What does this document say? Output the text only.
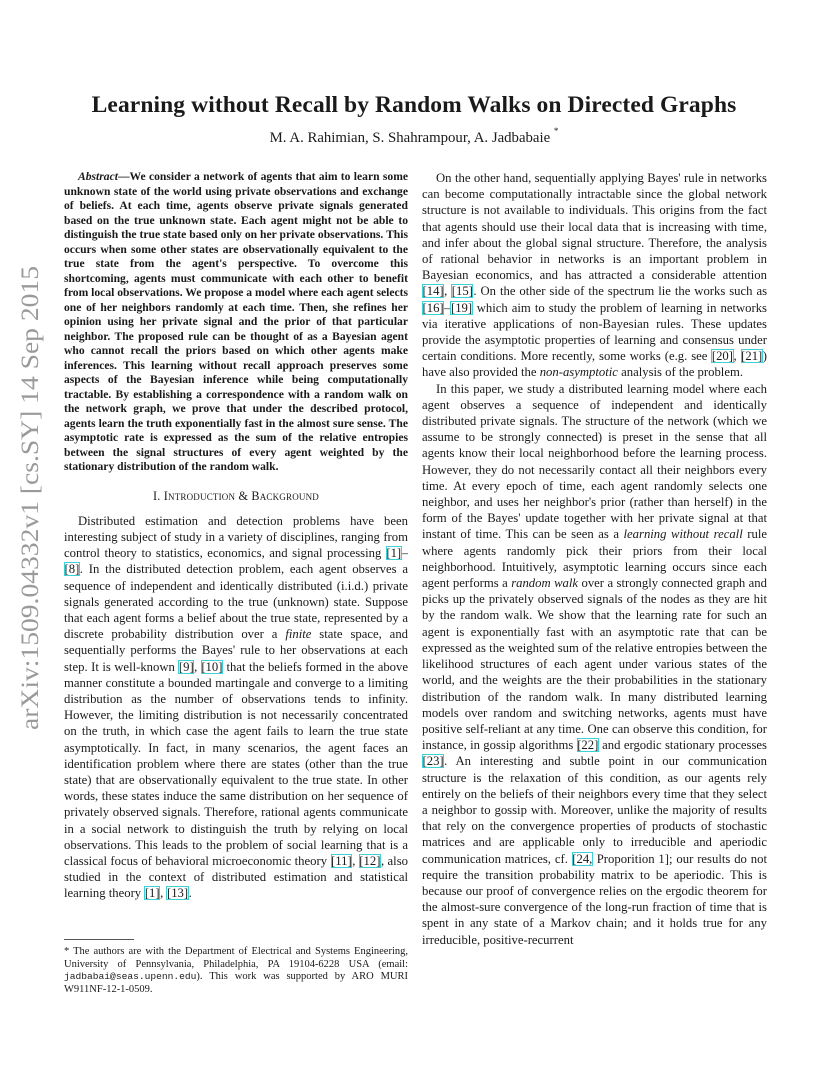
arXiv:1509.04332v1 [cs.SY] 14 Sep 2015
Learning without Recall by Random Walks on Directed Graphs
M. A. Rahimian, S. Shahrampour, A. Jadbabaie *

Abstract—We consider a network of agents that aim to learn some unknown state of the world using private observations and exchange of beliefs. At each time, agents observe private signals generated based on the true unknown state. Each agent might not be able to distinguish the true state based only on her private observations. This occurs when some other states are observationally equivalent to the true state from the agent's perspective. To overcome this shortcoming, agents must communicate with each other to benefit from local observations. We propose a model where each agent selects one of her neighbors randomly at each time. Then, she refines her opinion using her private signal and the prior of that particular neighbor. The proposed rule can be thought of as a Bayesian agent who cannot recall the priors based on which other agents make inferences. This learning without recall approach preserves some aspects of the Bayesian inference while being computationally tractable. By establishing a correspondence with a random walk on the network graph, we prove that under the described protocol, agents learn the truth exponentially fast in the almost sure sense. The asymptotic rate is expressed as the sum of the relative entropies between the signal structures of every agent weighted by the stationary distribution of the random walk.

I. Introduction & Background

Distributed estimation and detection problems have been interesting subject of study in a variety of disciplines, ranging from control theory to statistics, economics, and signal processing [1]–[8]. In the distributed detection problem, each agent observes a sequence of independent and identically distributed (i.i.d.) private signals generated according to the true (unknown) state. Suppose that each agent forms a belief about the true state, represented by a discrete probability distribution over a finite state space, and sequentially performs the Bayes' rule to her observations at each step. It is well-known [9], [10] that the beliefs formed in the above manner constitute a bounded martingale and converge to a limiting distribution as the number of observations tends to infinity. However, the limiting distribution is not necessarily concentrated on the truth, in which case the agent fails to learn the true state asymptotically. In fact, in many scenarios, the agent faces an identification problem where there are states (other than the true state) that are observationally equivalent to the true state. In other words, these states induce the same distribution on her sequence of privately observed signals. Therefore, rational agents communicate in a social network to distinguish the truth by relying on local observations. This leads to the problem of social learning that is a classical focus of behavioral microeconomic theory [11], [12], also studied in the context of distributed estimation and statistical learning theory [1], [13].

* The authors are with the Department of Electrical and Systems Engineering, University of Pennsylvania, Philadelphia, PA 19104-6228 USA (email: jadbabai@seas.upenn.edu). This work was supported by ARO MURI W911NF-12-1-0509.

On the other hand, sequentially applying Bayes' rule in networks can become computationally intractable since the global network structure is not available to individuals. This origins from the fact that agents should use their local data that is increasing with time, and infer about the global signal structure. Therefore, the analysis of rational behavior in networks is an important problem in Bayesian economics, and has attracted a considerable attention [14], [15]. On the other side of the spectrum lie the works such as [16]–[19] which aim to study the problem of learning in networks via iterative applications of non-Bayesian rules. These updates provide the asymptotic properties of learning and consensus under certain conditions. More recently, some works (e.g. see [20], [21]) have also provided the non-asymptotic analysis of the problem.

In this paper, we study a distributed learning model where each agent observes a sequence of independent and identically distributed private signals. The structure of the network (which we assume to be strongly connected) is preset in the sense that all agents know their local neighborhood before the learning process. However, they do not necessarily contact all their neighbors every time. At every epoch of time, each agent randomly selects one neighbor, and uses her neighbor's prior (rather than herself) in the form of the Bayes' update together with her private signal at that instant of time. This can be seen as a learning without recall rule where agents randomly pick their priors from their local neighborhood. Intuitively, asymptotic learning occurs since each agent performs a random walk over a strongly connected graph and picks up the privately observed signals of the nodes as they are hit by the random walk. We show that the learning rate for such an agent is exponentially fast with an asymptotic rate that can be expressed as the weighted sum of the relative entropies between the likelihood structures of each agent under various states of the world, and the weights are the their probabilities in the stationary distribution of the random walk. In many distributed learning models over random and switching networks, agents must have positive self-reliant at any time. One can observe this condition, for instance, in gossip algorithms [22] and ergodic stationary processes [23]. An interesting and subtle point in our communication structure is the relaxation of this condition, as our agents rely entirely on the beliefs of their neighbors every time that they select a neighbor to gossip with. Moreover, unlike the majority of results that rely on the convergence properties of products of stochastic matrices and are applicable only to irreducible and aperiodic communication matrices, cf. [24, Proporition 1]; our results do not require the transition probability matrix to be aperiodic. This is because our proof of convergence relies on the ergodic theorem for the almost-sure convergence of the long-run fraction of time that is spent in any state of a Markov chain; and it holds true for any irreducible, positive-recurrent
